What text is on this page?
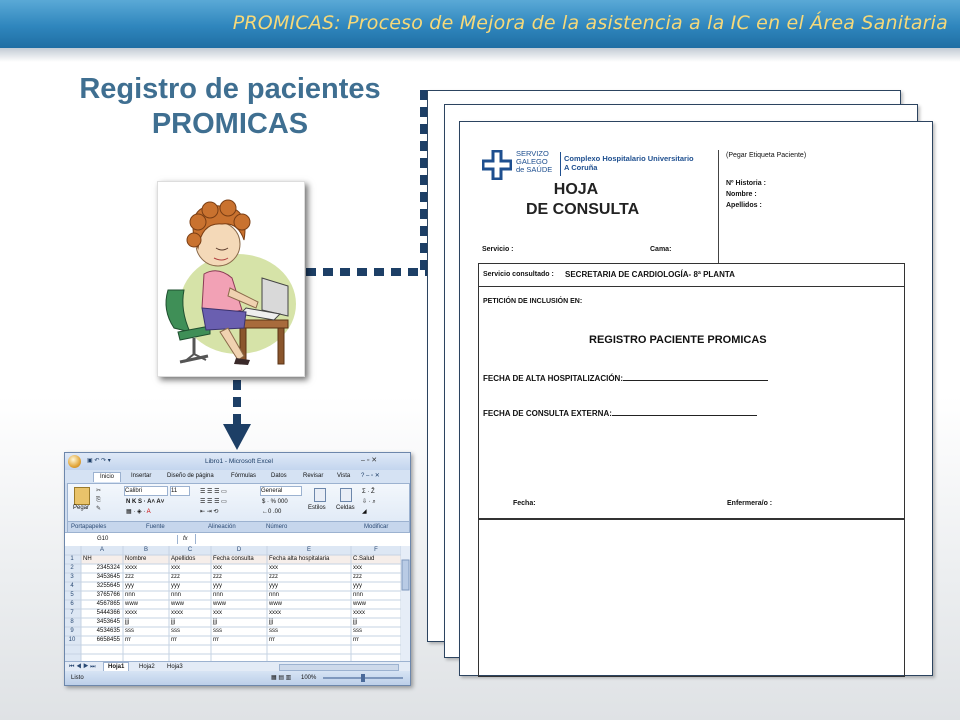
PROMICAS: Proceso de Mejora de la asistencia a la IC en el Área Sanitaria
Registro de pacientes
PROMICAS
SERVIZO
GALEGO
de SAÚDE
Complexo Hospitalario Universitario
A Coruña
HOJA
DE CONSULTA
(Pegar Etiqueta Paciente)
Nº Historia :
Nombre :
Apellidos :
Servicio :	Cama:
Servicio consultado : SECRETARIA DE CARDIOLOGÍA- 8ª PLANTA
PETICIÓN DE INCLUSIÓN EN:
REGISTRO PACIENTE PROMICAS
FECHA DE ALTA HOSPITALIZACIÓN:
FECHA DE CONSULTA EXTERNA:
Fecha:	Enfermera/o :
▣ ↶ ↷ ▾	Libro1 - Microsoft Excel	‒ ▫ ✕
Inicio	Insertar	Diseño de página	Fórmulas Datos	Revisar Vista ? ‒ ▫ ✕
Pegar
✂
⎘
✎
Calibri	11
N K S · A˄ A˅
▦ · ◈ · A
☰ ☰ ☰ ▭
☰ ☰ ☰ ▭
⇤ ⇥ ⟲
General
$ · % 000
←0 .00
Estilos Celdas
Σ · Ž
⇩ · ⌕
◢
Portapapeles	Fuente	Alineación	Número	Modificar
G10	fx
A	B	C	D	E	F
1
2
3
4
5
6
7
8
9
10
NH	Nombre	Apellidos	Fecha consulta	Fecha alta hospitalaria	C.Salud
2345324 xxxx	xxx	xxx	xxx	xxx
3453645 zzz	zzz	zzz	zzz	zzz
3255645 yyy	yyy	yyy	yyy	yyy
3765766 nnn	nnn	nnn	nnn	nnn
4567865 www	www	www	www	www
5444366 xxxx	xxxx	xxx	xxxx	xxxx
3453645 jjj	jjj	jjj	jjj	jjj
4534635 sss	sss	sss	sss	sss
6658455 rrr	rrr	rrr	rrr	rrr
⏮ ◀ ▶ ⏭	Hoja1	Hoja2	Hoja3
Listo	▦ ▤ ▥ 100%
